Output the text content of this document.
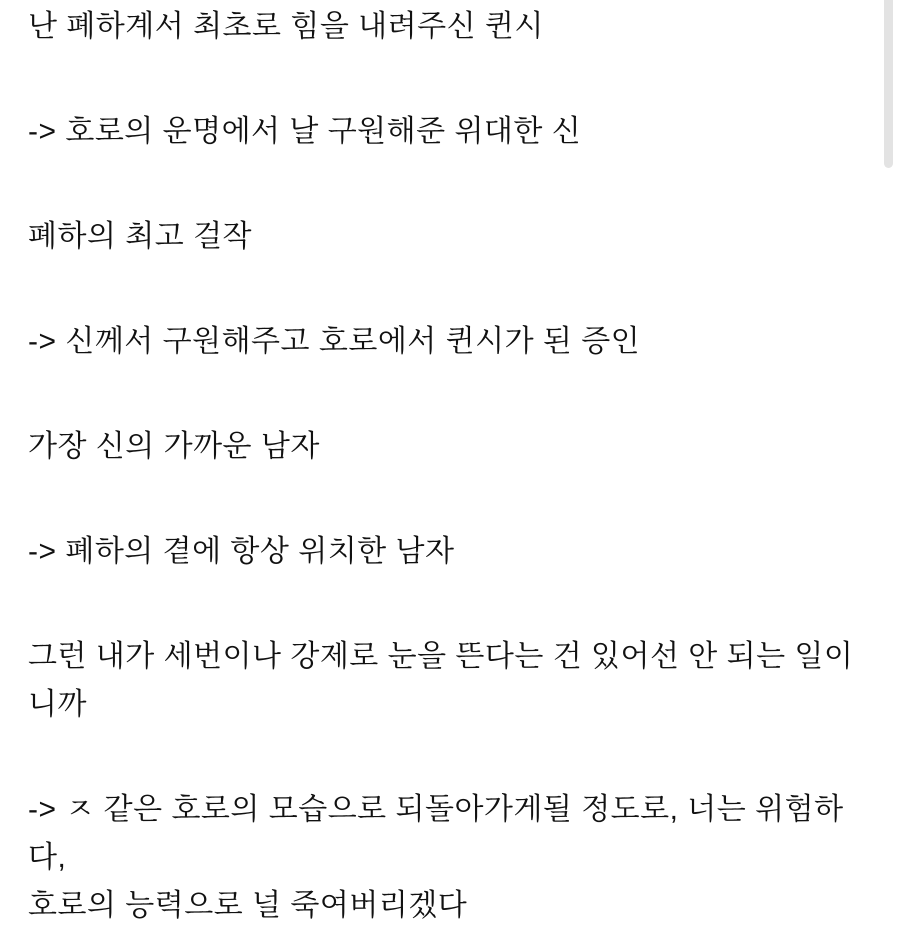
난 폐하계서 최초로 힘을 내려주신 퀸시

-> 호로의 운명에서 날 구원해준 위대한 신

폐하의 최고 걸작

-> 신께서 구원해주고 호로에서 퀸시가 된 증인

가장 신의 가까운 남자

-> 폐하의 곁에 항상 위치한 남자

그런 내가 세번이나 강제로 눈을 뜬다는 건 있어선 안 되는 일이니까

-> ㅈ 같은 호로의 모습으로 되돌아가게될 정도로, 너는 위험하다,
호로의 능력으로 널 죽여버리겠다
